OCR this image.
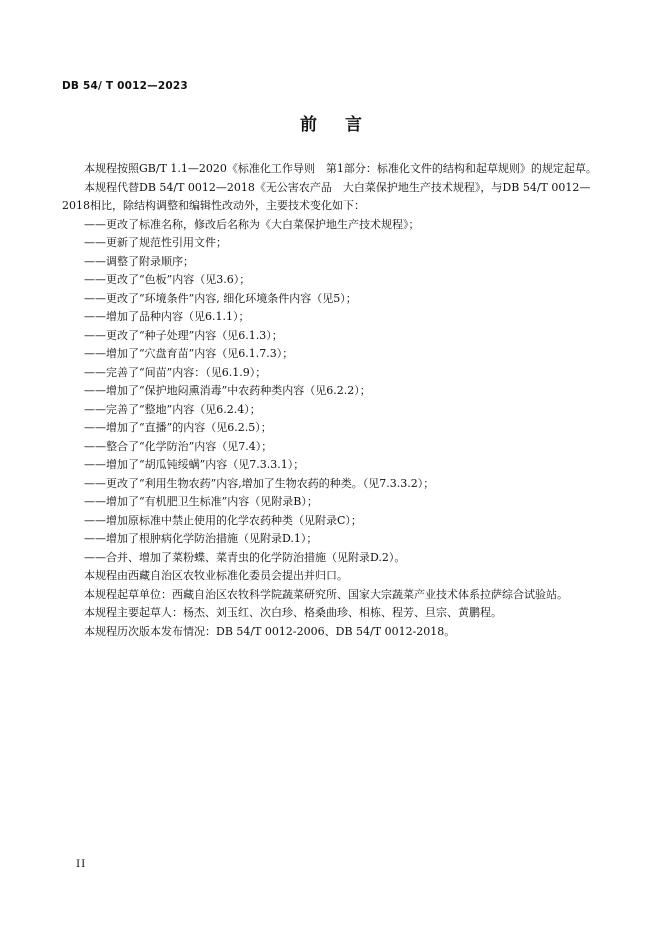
DB 54/ T 0012—2023
前言

本规程按照GB/T 1.1—2020《标准化工作导则　第1部分：标准化文件的结构和起草规则》的规定起草。

本规程代替DB 54/T 0012—2018《无公害农产品　大白菜保护地生产技术规程》，与DB 54/T 0012—2018相比，除结构调整和编辑性改动外，主要技术变化如下：

——更改了标准名称，修改后名称为《大白菜保护地生产技术规程》；

——更新了规范性引用文件；

——调整了附录顺序；

——更改了“色板”内容（见3.6）；

——更改了“环境条件”内容, 细化环境条件内容（见5）；

——增加了品种内容（见6.1.1）；

——更改了“种子处理”内容（见6.1.3）；

——增加了“穴盘育苗”内容（见6.1.7.3）；

——完善了“间苗”内容：（见6.1.9）；

——增加了“保护地闷熏消毒”中农药种类内容（见6.2.2）；

——完善了“整地”内容（见6.2.4）；

——增加了“直播”的内容（见6.2.5）；

——整合了“化学防治”内容（见7.4）；

——增加了“胡瓜钝绥螨”内容（见7.3.3.1）；

——更改了“利用生物农药”内容,增加了生物农药的种类。（见7.3.3.2）；

——增加了“有机肥卫生标准”内容（见附录B）；

——增加原标准中禁止使用的化学农药种类（见附录C）；

——增加了根肿病化学防治措施（见附录D.1）；

——合并、增加了菜粉蝶、菜青虫的化学防治措施（见附录D.2）。

本规程由西藏自治区农牧业标准化委员会提出并归口。

本规程起草单位：西藏自治区农牧科学院蔬菜研究所、国家大宗蔬菜产业技术体系拉萨综合试验站。

本规程主要起草人：杨杰、刘玉红、次白珍、格桑曲珍、相栋、程芳、旦宗、黄鹏程。

本规程历次版本发布情况：DB 54/T 0012-2006、DB 54/T 0012-2018。

II
